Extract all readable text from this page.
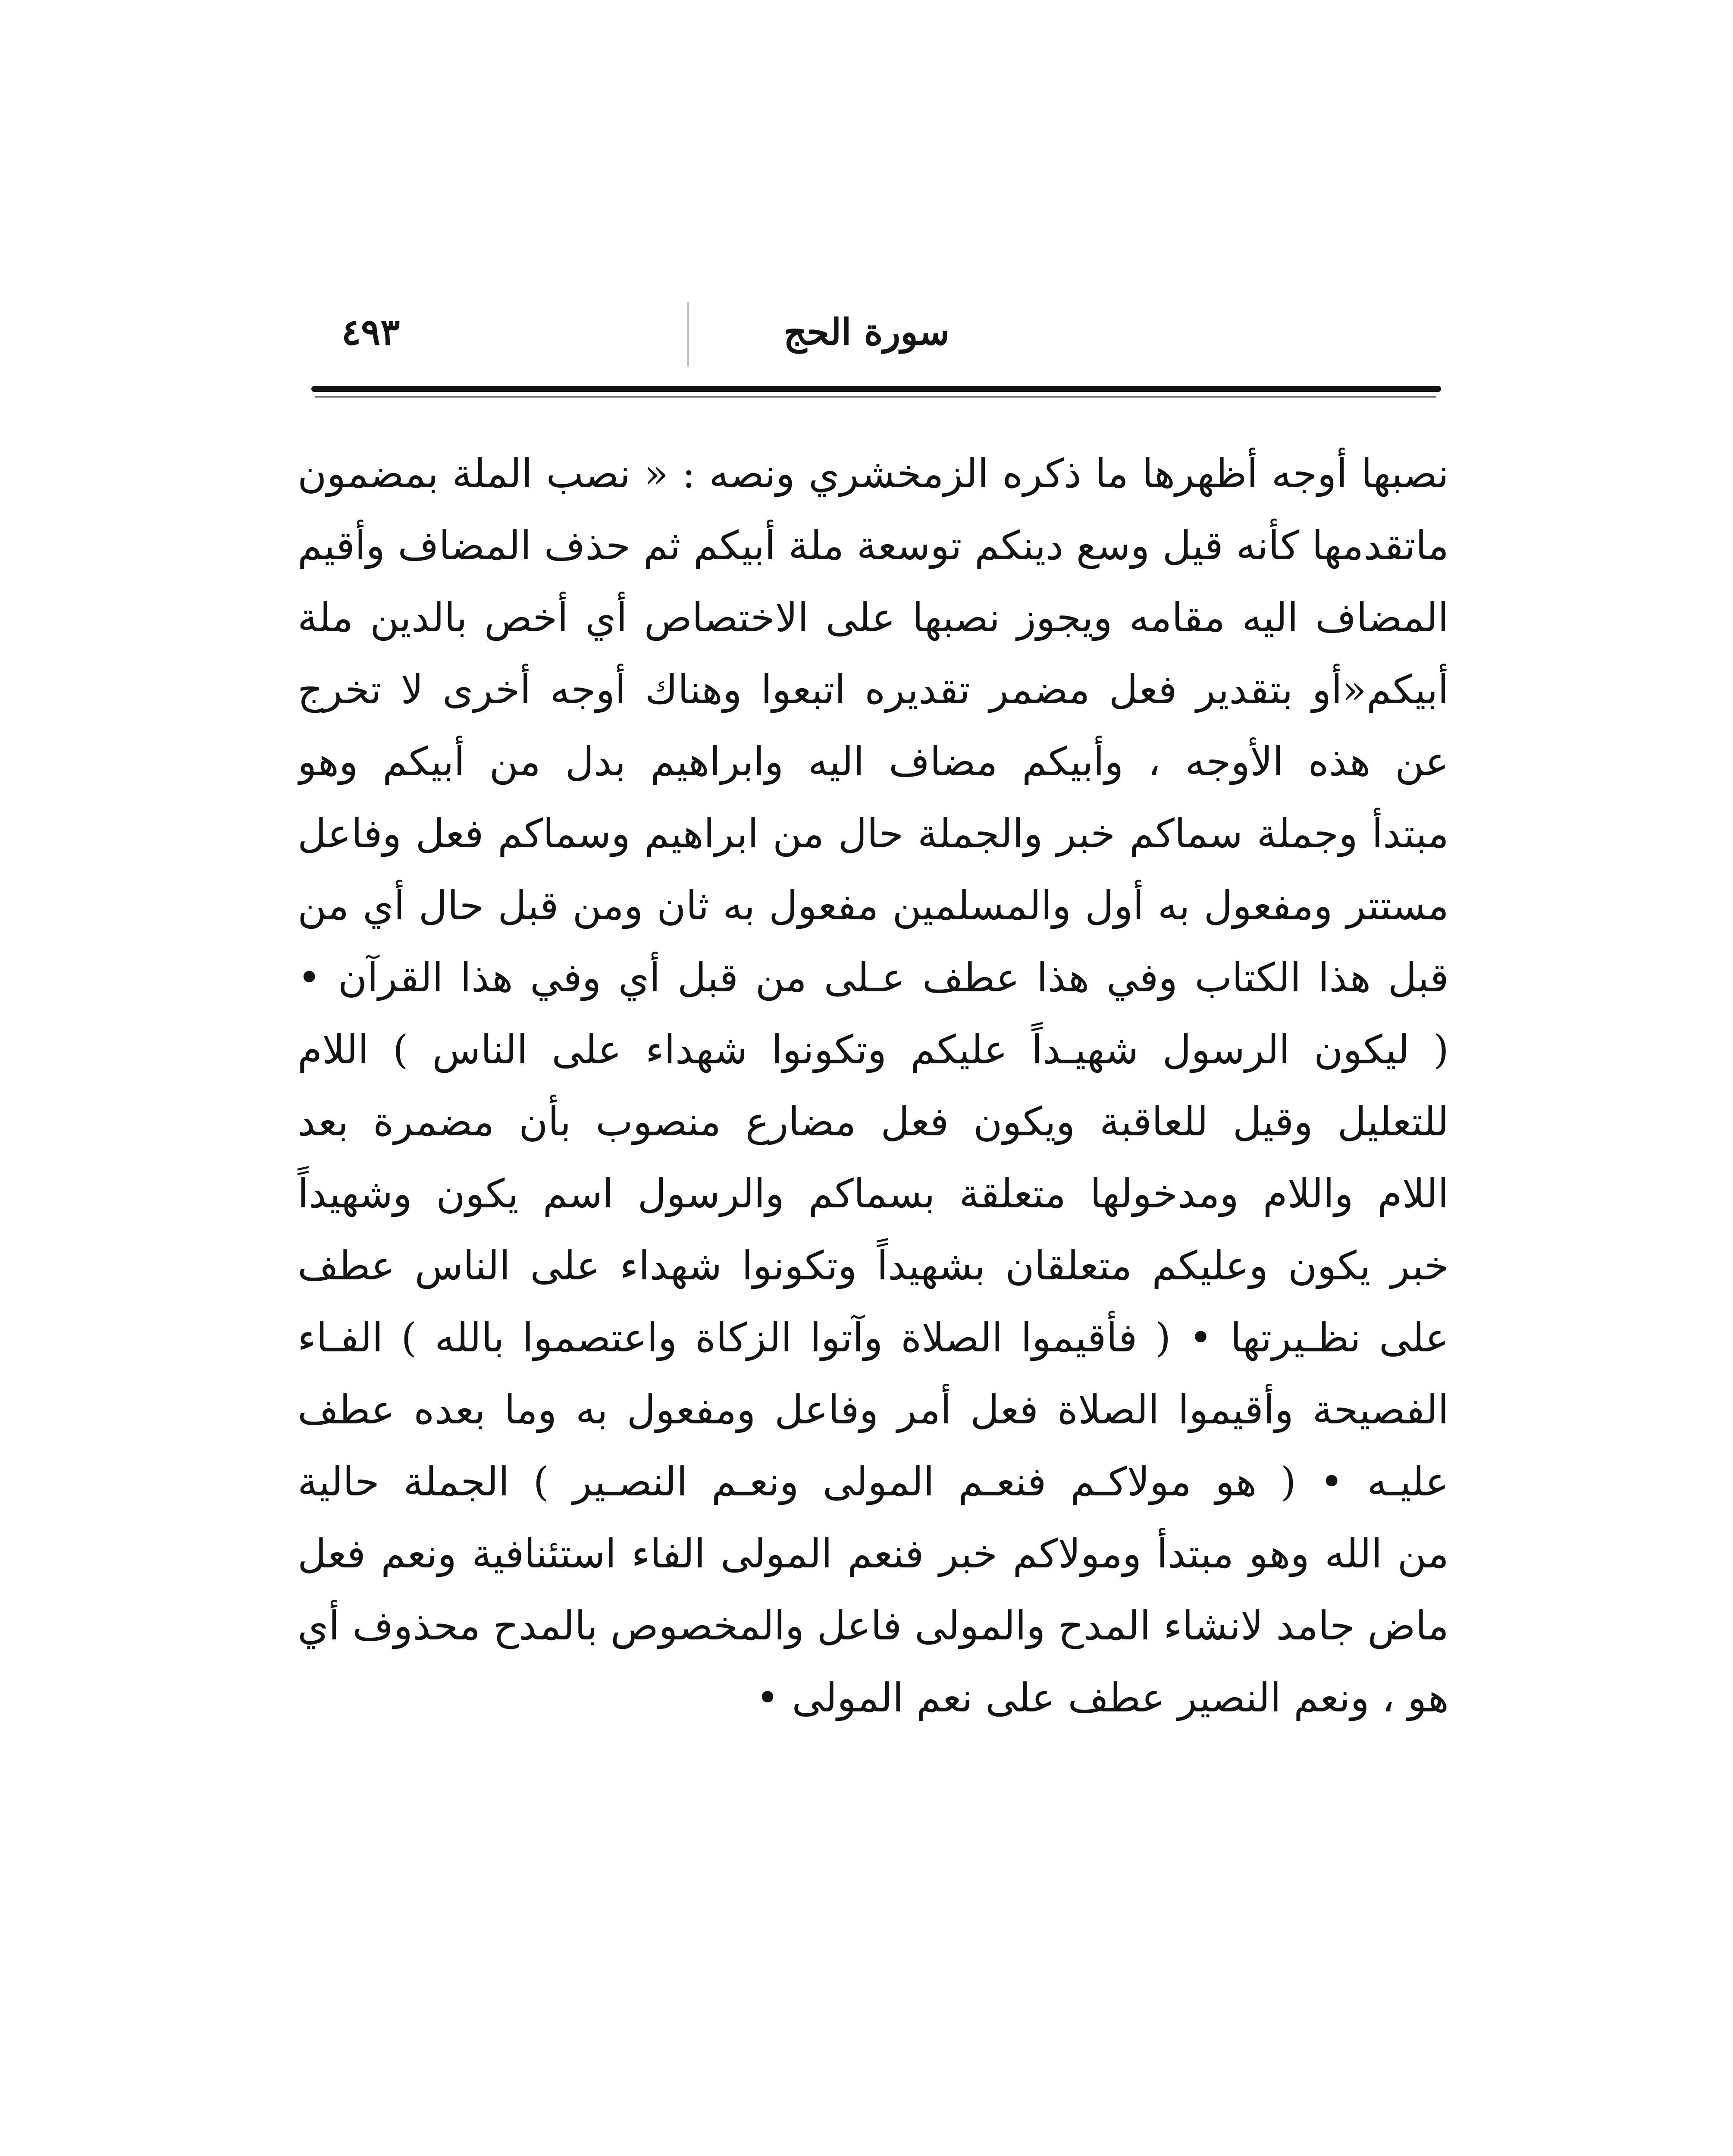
سورة الحج
٤٩٣
نصبها أوجه أظهرها ما ذكره الزمخشري ونصه : « نصب الملة بمضمون
ماتقدمها كأنه قيل وسع دينكم توسعة ملة أبيكم ثم حذف المضاف وأقيم
المضاف اليه مقامه ويجوز نصبها على الاختصاص أي أخص بالدين ملة
أبيكم«أو بتقدير فعل مضمر تقديره اتبعوا وهناك أوجه أخرى لا تخرج
عن هذه الأوجه ، وأبيكم مضاف اليه وابراهيم بدل من أبيكم وهو
مبتدأ وجملة سماكم خبر والجملة حال من ابراهيم وسماكم فعل وفاعل
مستتر ومفعول به أول والمسلمين مفعول به ثان ومن قبل حال أي من
قبل هذا الكتاب وفي هذا عطف عـلى من قبل أي وفي هذا القرآن •
( ليكون الرسول شهيـداً عليكم وتكونوا شهداء على الناس ) اللام
للتعليل وقيل للعاقبة ويكون فعل مضارع منصوب بأن مضمرة بعد
اللام واللام ومدخولها متعلقة بسماكم والرسول اسم يكون وشهيداً
خبر يكون وعليكم متعلقان بشهيداً وتكونوا شهداء على الناس عطف
على نظـيرتها • ( فأقيموا الصلاة وآتوا الزكاة واعتصموا بالله ) الفـاء
الفصيحة وأقيموا الصلاة فعل أمر وفاعل ومفعول به وما بعده عطف
عليـه • ( هو مولاكـم فنعـم المولى ونعـم النصـير ) الجملة حالية
من الله وهو مبتدأ ومولاكم خبر فنعم المولى الفاء استئنافية ونعم فعل
ماض جامد لانشاء المدح والمولى فاعل والمخصوص بالمدح محذوف أي
هو ، ونعم النصير عطف على نعم المولى •
